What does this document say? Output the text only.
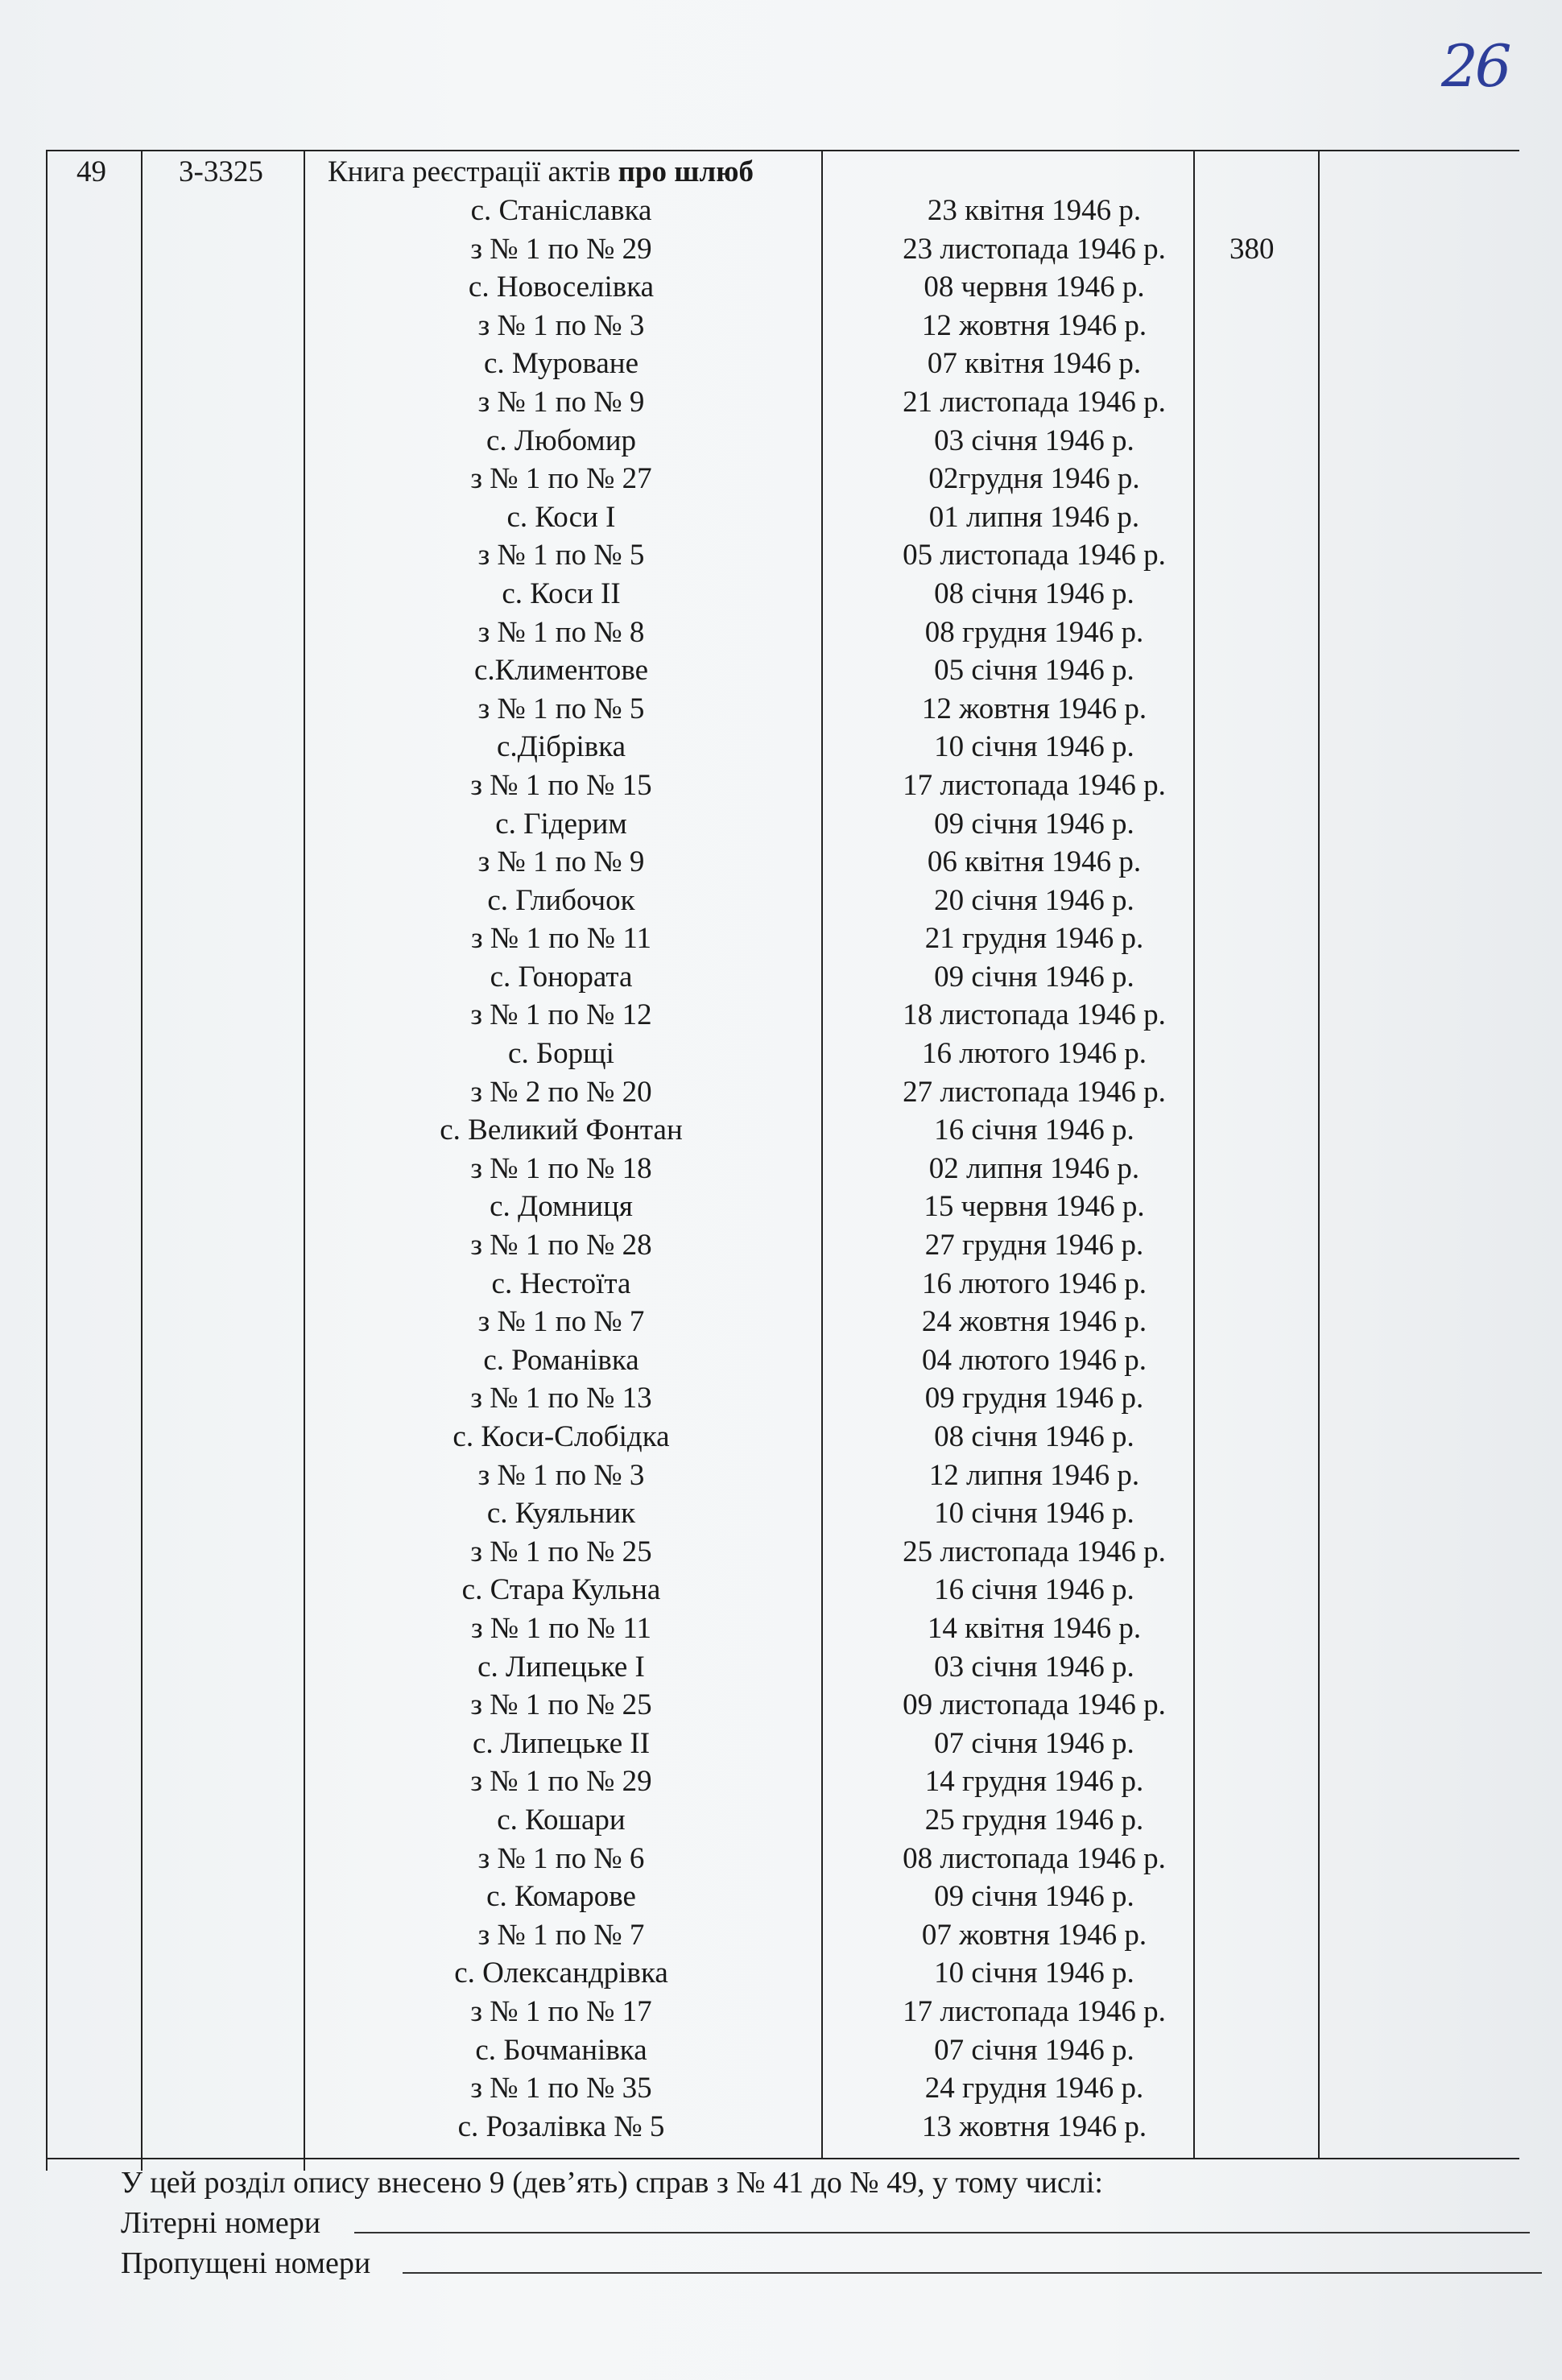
26
49 3-3325 Книга реєстрації актів про шлюб
380
с. Станіславка
з № 1 по № 29
с. Новоселівка
з № 1 по № 3
с. Муроване
з № 1 по № 9
с. Любомир
з № 1 по № 27
с. Коси І
з № 1 по № 5
с. Коси ІІ
з № 1 по № 8
с.Климентове
з № 1 по № 5
с.Дібрівка
з № 1 по № 15
с. Гідерим
з № 1 по № 9
с. Глибочок
з № 1 по № 11
с. Гонората
з № 1 по № 12
с. Борщі
з № 2 по № 20
с. Великий Фонтан
з № 1 по № 18
с. Домниця
з № 1 по № 28
с. Нестоїта
з № 1 по № 7
с. Романівка
з № 1 по № 13
с. Коси-Слобідка
з № 1 по № 3
с. Куяльник
з № 1 по № 25
с. Стара Кульна
з № 1 по № 11
с. Липецьке І
з № 1 по № 25
с. Липецьке ІІ
з № 1 по № 29
с. Кошари
з № 1 по № 6
с. Комарове
з № 1 по № 7
с. Олександрівка
з № 1 по № 17
с. Бочманівка
з № 1 по № 35
с. Розалівка № 5
23 квітня 1946 р.
23 листопада 1946 р.
08 червня 1946 р.
12 жовтня 1946 р.
07 квітня 1946 р.
21 листопада 1946 р.
03 січня 1946 р.
02грудня 1946 р.
01 липня 1946 р.
05 листопада 1946 р.
08 січня 1946 р.
08 грудня 1946 р.
05 січня 1946 р.
12 жовтня 1946 р.
10 січня 1946 р.
17 листопада 1946 р.
09 січня 1946 р.
06 квітня 1946 р.
20 січня 1946 р.
21 грудня 1946 р.
09 січня 1946 р.
18 листопада 1946 р.
16 лютого 1946 р.
27 листопада 1946 р.
16 січня 1946 р.
02 липня 1946 р.
15 червня 1946 р.
27 грудня 1946 р.
16 лютого 1946 р.
24 жовтня 1946 р.
04 лютого 1946 р.
09 грудня 1946 р.
08 січня 1946 р.
12 липня 1946 р.
10 січня 1946 р.
25 листопада 1946 р.
16 січня 1946 р.
14 квітня 1946 р.
03 січня 1946 р.
09 листопада 1946 р.
07 січня 1946 р.
14 грудня 1946 р.
25 грудня 1946 р.
08 листопада 1946 р.
09 січня 1946 р.
07 жовтня 1946 р.
10 січня 1946 р.
17 листопада 1946 р.
07 січня 1946 р.
24 грудня 1946 р.
13 жовтня 1946 р.
У цей розділ опису внесено 9 (дев’ять) справ з № 41 до № 49, у тому числі:
Літерні номери
Пропущені номери
